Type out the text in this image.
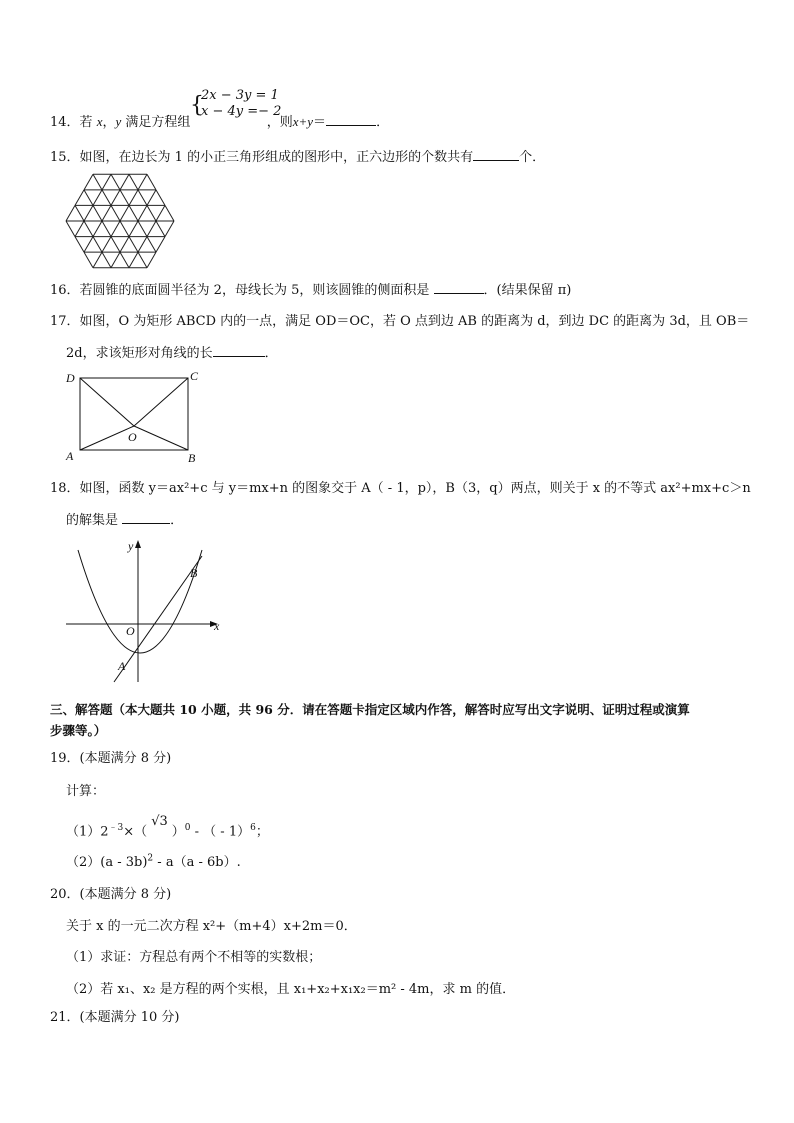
{
2x − 3y = 1
x − 4y =− 2
14．若 x，y 满足方程组	，则x+y＝	．
15．如图，在边长为 1 的小正三角形组成的图形中，正六边形的个数共有	个．
16．若圆锥的底面圆半径为 2，母线长为 5，则该圆锥的侧面积是	．(结果保留 π)
17．如图，O 为矩形 ABCD 内的一点，满足 OD＝OC，若 O 点到边 AB 的距离为 d，到边 DC 的距离为 3d，且 OB＝
2d，求该矩形对角线的长	．
D	C
A	B
O
18．如图，函数 y＝ax²+c 与 y＝mx+n 的图象交于 A（ - 1，p），B（3，q）两点，则关于 x 的不等式 ax²+mx+c＞n
的解集是	．
y
x
O
A
B
三、解答题（本大题共 10 小题，共 96 分．请在答题卡指定区域内作答，解答时应写出文字说明、证明过程或演算
步骤等。）
19．(本题满分 8 分)
计算：
$(1)2^{﹣3}\times(√3)^0$ - （ - 1）$^6$；
（2）(a - 3b)$^2$ - a（a - 6b）.
20．(本题满分 8 分)
关于 x 的一元二次方程 x²+（m+4）x+2m＝0．
（1）求证：方程总有两个不相等的实数根；
（2）若 x₁、x₂ 是方程的两个实根，且 x₁+x₂+x₁x₂＝m² - 4m，求 m 的值．
21．(本题满分 10 分)
